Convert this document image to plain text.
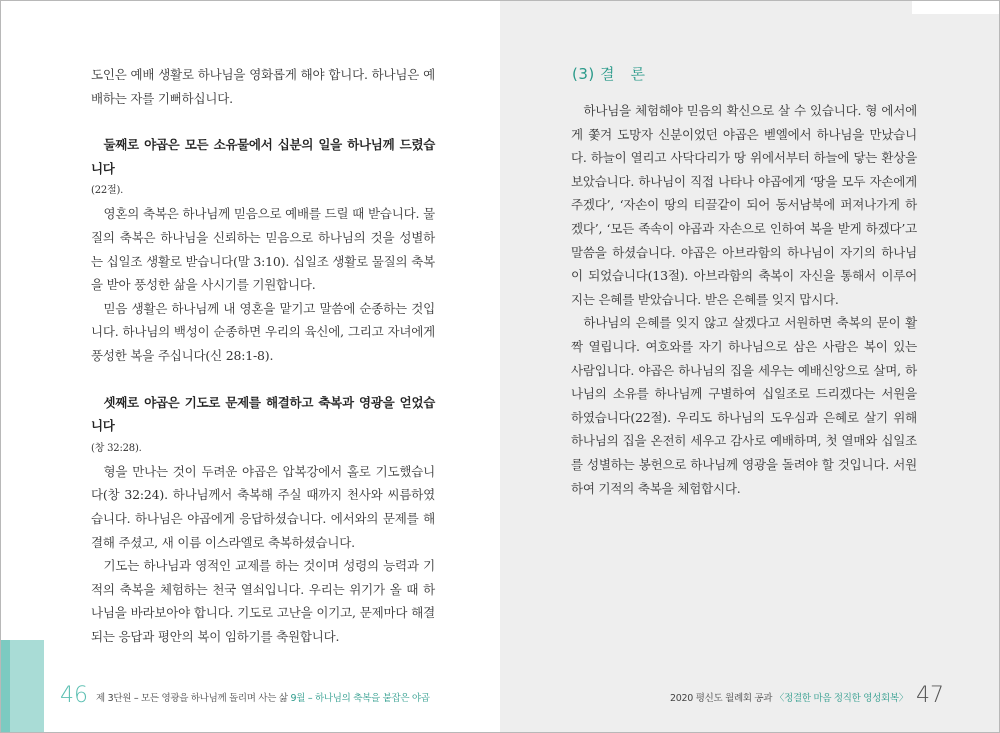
도인은 예배 생활로 하나님을 영화롭게 해야 합니다. 하나님은 예배하는 자를 기뻐하십니다.

둘째로 야곱은 모든 소유물에서 십분의 일을 하나님께 드렸습니다

(22절).

영혼의 축복은 하나님께 믿음으로 예배를 드릴 때 받습니다. 물질의 축복은 하나님을 신뢰하는 믿음으로 하나님의 것을 성별하는 십일조 생활로 받습니다(말 3:10). 십일조 생활로 물질의 축복을 받아 풍성한 삶을 사시기를 기원합니다.

믿음 생활은 하나님께 내 영혼을 맡기고 말씀에 순종하는 것입니다. 하나님의 백성이 순종하면 우리의 육신에, 그리고 자녀에게 풍성한 복을 주십니다(신 28:1-8).

셋째로 야곱은 기도로 문제를 해결하고 축복과 영광을 얻었습니다

(창 32:28).

형을 만나는 것이 두려운 야곱은 압복강에서 홀로 기도했습니다(창 32:24). 하나님께서 축복해 주실 때까지 천사와 씨름하였습니다. 하나님은 야곱에게 응답하셨습니다. 에서와의 문제를 해결해 주셨고, 새 이름 이스라엘로 축복하셨습니다.

기도는 하나님과 영적인 교제를 하는 것이며 성령의 능력과 기적의 축복을 체험하는 천국 열쇠입니다. 우리는 위기가 올 때 하나님을 바라보아야 합니다. 기도로 고난을 이기고, 문제마다 해결되는 응답과 평안의 복이 임하기를 축원합니다.

(3) 결　론

하나님을 체험해야 믿음의 확신으로 살 수 있습니다. 형 에서에게 쫓겨 도망자 신분이었던 야곱은 벧엘에서 하나님을 만났습니다. 하늘이 열리고 사닥다리가 땅 위에서부터 하늘에 닿는 환상을 보았습니다. 하나님이 직접 나타나 야곱에게 ‘땅을 모두 자손에게 주겠다’, ‘자손이 땅의 티끌같이 되어 동서남북에 퍼져나가게 하겠다’, ‘모든 족속이 야곱과 자손으로 인하여 복을 받게 하겠다’고 말씀을 하셨습니다. 야곱은 아브라함의 하나님이 자기의 하나님이 되었습니다(13절). 아브라함의 축복이 자신을 통해서 이루어지는 은혜를 받았습니다. 받은 은혜를 잊지 맙시다.

하나님의 은혜를 잊지 않고 살겠다고 서원하면 축복의 문이 활짝 열립니다. 여호와를 자기 하나님으로 삼은 사람은 복이 있는 사람입니다. 야곱은 하나님의 집을 세우는 예배신앙으로 살며, 하나님의 소유를 하나님께 구별하여 십일조로 드리겠다는 서원을 하였습니다(22절). 우리도 하나님의 도우심과 은혜로 살기 위해 하나님의 집을 온전히 세우고 감사로 예배하며, 첫 열매와 십일조를 성별하는 봉헌으로 하나님께 영광을 돌려야 할 것입니다. 서원하여 기적의 축복을 체험합시다.

46 제 3단원 – 모든 영광을 하나님께 돌리며 사는 삶 9월 – 하나님의 축복을 붙잡은 야곱	2020 평신도 월례회 공과 〈정결한 마음 정직한 영성회복〉 47
